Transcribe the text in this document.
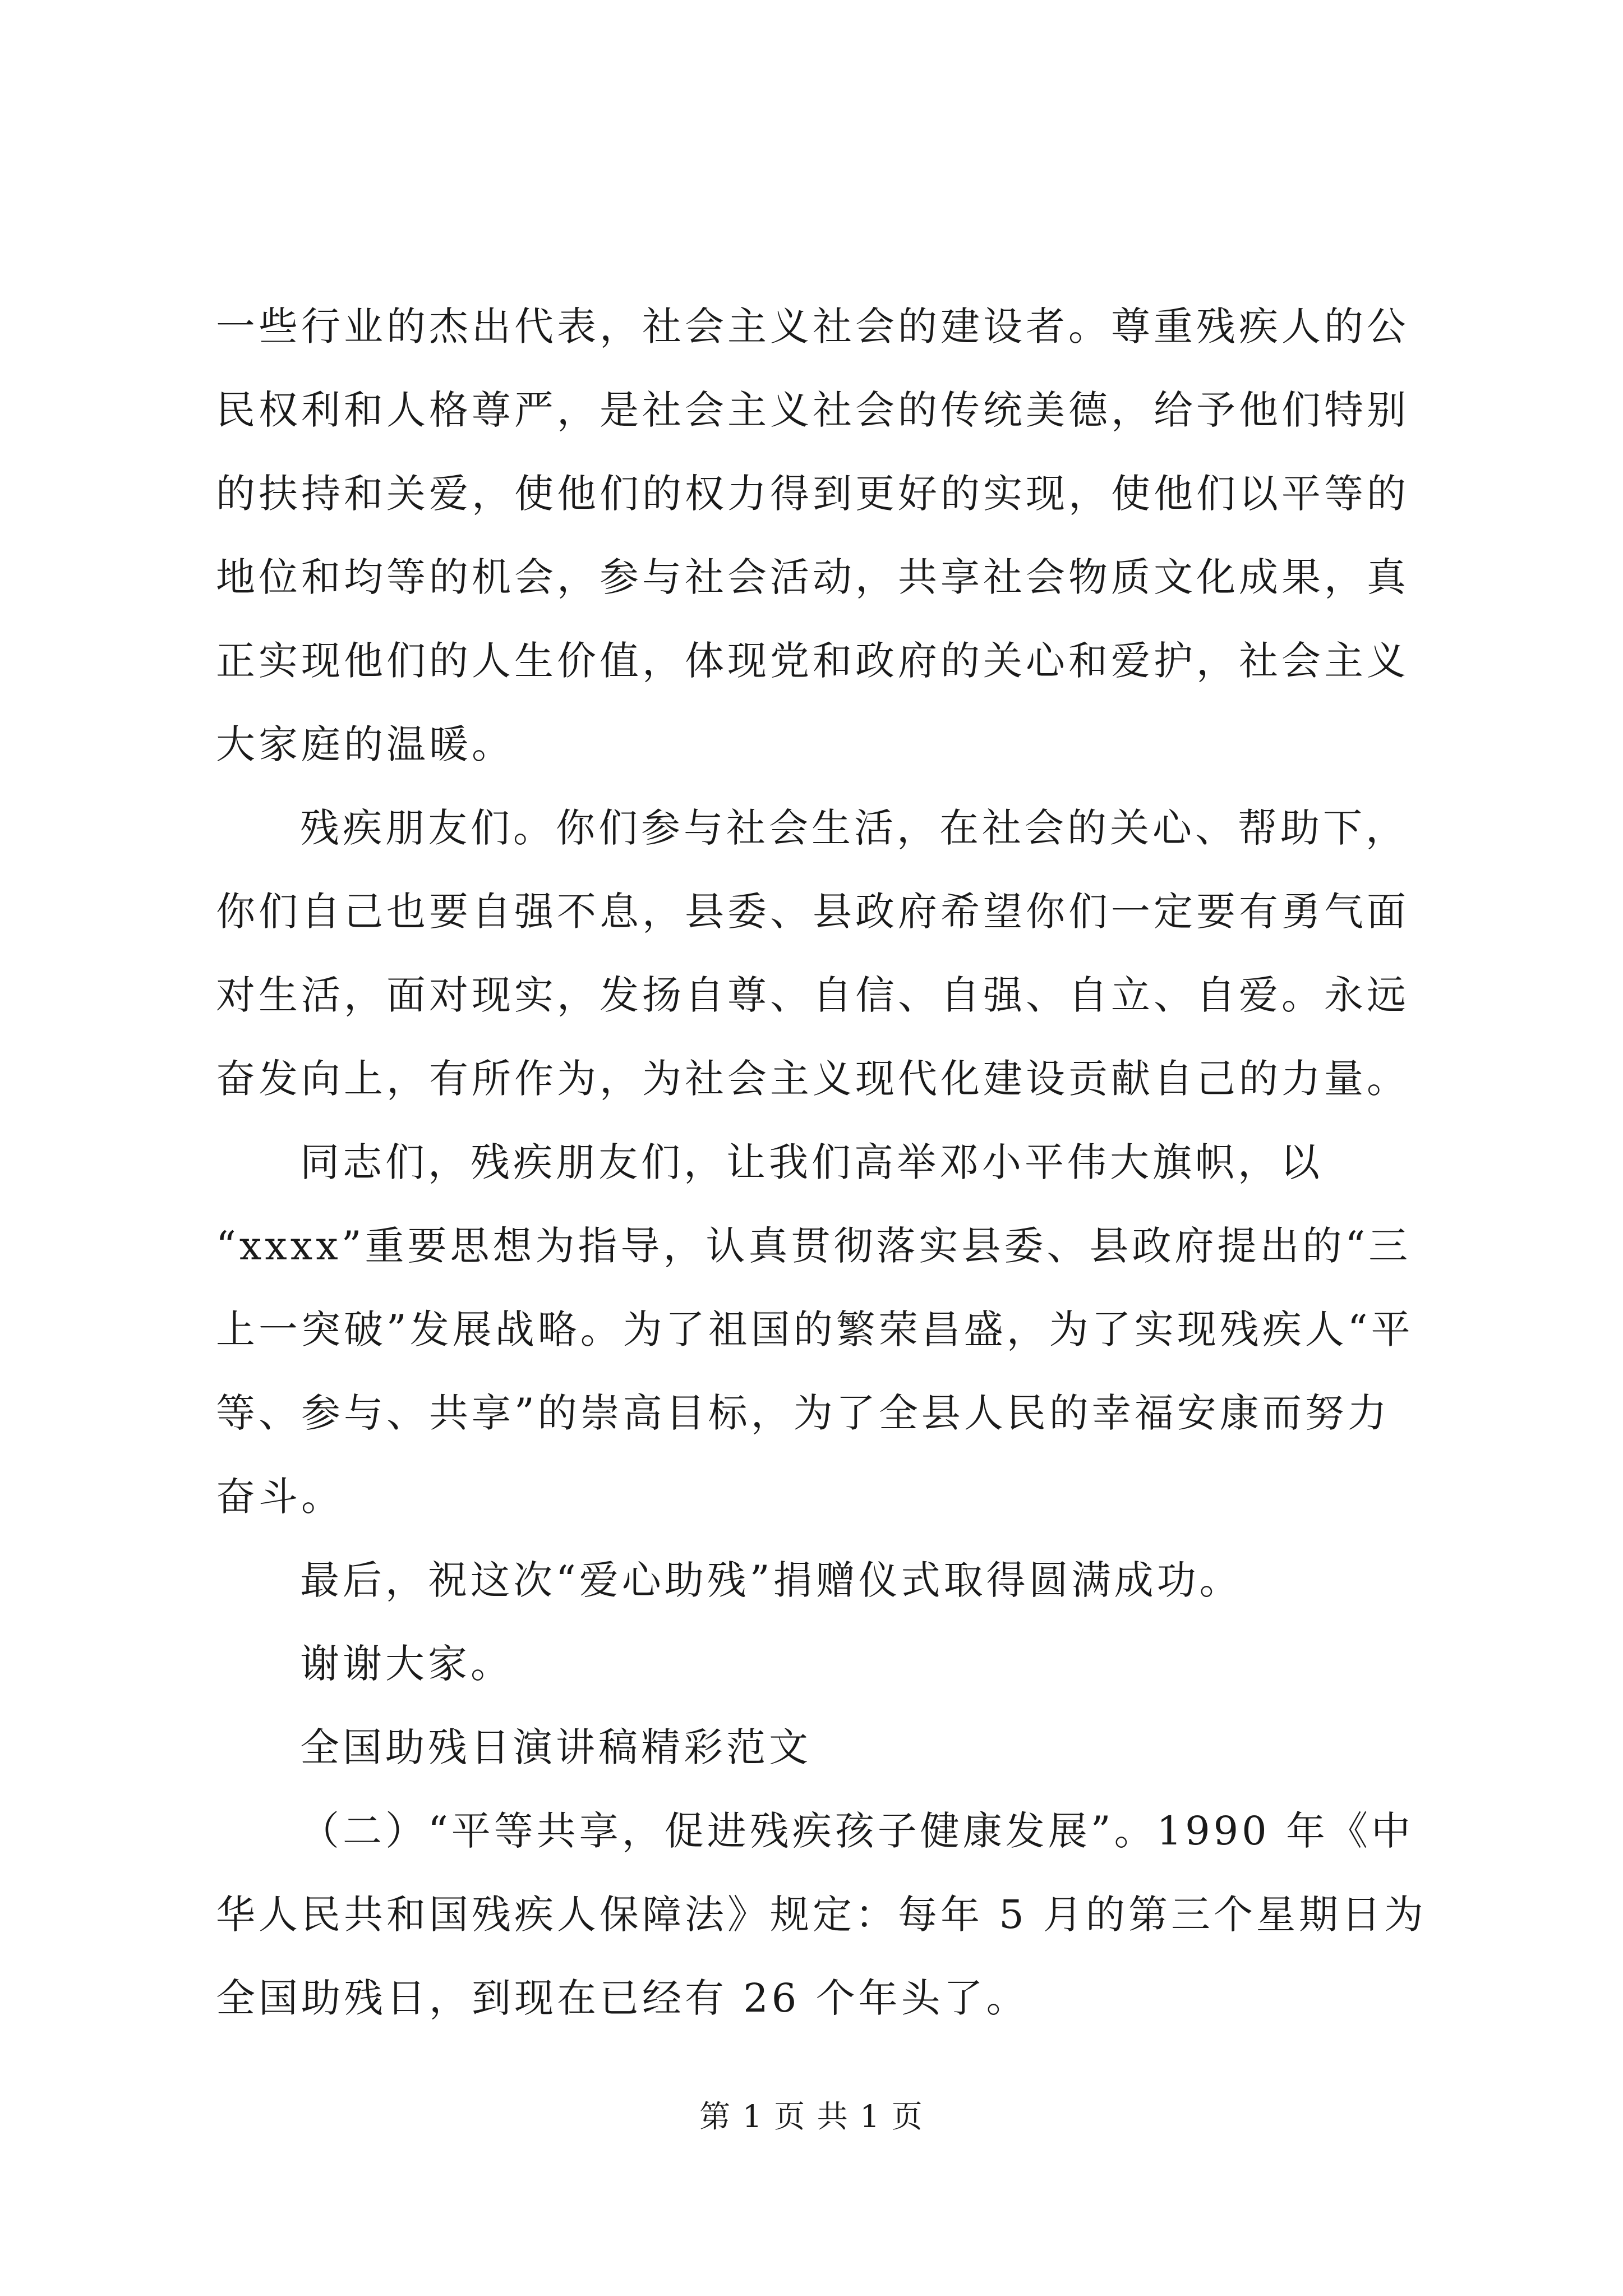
一些行业的杰出代表，社会主义社会的建设者。尊重残疾人的公
民权利和人格尊严，是社会主义社会的传统美德，给予他们特别
的扶持和关爱，使他们的权力得到更好的实现，使他们以平等的
地位和均等的机会，参与社会活动，共享社会物质文化成果，真
正实现他们的人生价值，体现党和政府的关心和爱护，社会主义
大家庭的温暖。
残疾朋友们。你们参与社会生活，在社会的关心、帮助下，
你们自己也要自强不息，县委、县政府希望你们一定要有勇气面
对生活，面对现实，发扬自尊、自信、自强、自立、自爱。永远
奋发向上，有所作为，为社会主义现代化建设贡献自己的力量。
同志们，残疾朋友们，让我们高举邓小平伟大旗帜，以
“xxxx”重要思想为指导，认真贯彻落实县委、县政府提出的“三
上一突破”发展战略。为了祖国的繁荣昌盛，为了实现残疾人“平
等、参与、共享”的崇高目标，为了全县人民的幸福安康而努力
奋斗。
最后，祝这次“爱心助残”捐赠仪式取得圆满成功。
谢谢大家。
全国助残日演讲稿精彩范文
（二）“平等共享，促进残疾孩子健康发展”。1990 年《中
华人民共和国残疾人保障法》规定：每年 5 月的第三个星期日为
全国助残日，到现在已经有 26 个年头了。
第 1 页 共 1 页
